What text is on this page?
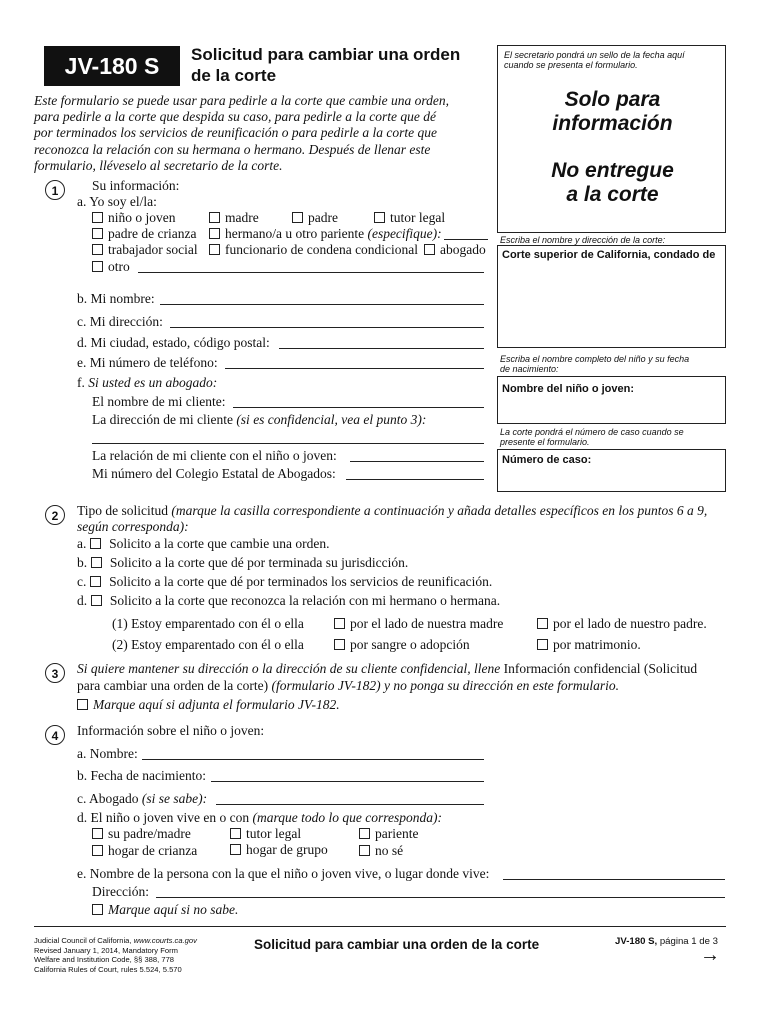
JV-180 S	Solicitud para cambiar una orden
de la corte
Este formulario se puede usar para pedirle a la corte que cambie una orden,
para pedirle a la corte que despida su caso, para pedirle a la corte que dé
por terminados los servicios de reunificación o para pedirle a la corte que
reconozca la relación con su hermana o hermano. Después de llenar este
formulario, lléveselo al secretario de la corte.
El secretario pondrá un sello de la fecha aquí
cuando se presenta el formulario.
Solo para
información
No entregue
a la corte
Escriba el nombre y dirección de la corte:
Corte superior de California, condado de
Escriba el nombre completo del niño y su fecha
de nacimiento:
Nombre del niño o joven:
La corte pondrá el número de caso cuando se
presente el formulario.
Número de caso:
1	Su información:
a. Yo soy el/la:
niño o joven	madre	padre	tutor legal
padre de crianza	hermano/a u otro pariente (especifique):
trabajador social	funcionario de condena condicional	abogado
otro
b. Mi nombre:
c. Mi dirección:
d. Mi ciudad, estado, código postal:
e. Mi número de teléfono:
f. Si usted es un abogado:
El nombre de mi cliente:
La dirección de mi cliente (si es confidencial, vea el punto 3):
La relación de mi cliente con el niño o joven:
Mi número del Colegio Estatal de Abogados:
2	Tipo de solicitud (marque la casilla correspondiente a continuación y añada detalles específicos en los puntos 6 a 9,
según corresponda):
a. Solicito a la corte que cambie una orden.
b. Solicito a la corte que dé por terminada su jurisdicción.
c. Solicito a la corte que dé por terminados los servicios de reunificación.
d. Solicito a la corte que reconozca la relación con mi hermano o hermana.
(1) Estoy emparentado con él o ella	por el lado de nuestra madre	por el lado de nuestro padre.
(2) Estoy emparentado con él o ella	por sangre o adopción	por matrimonio.
3	Si quiere mantener su dirección o la dirección de su cliente confidencial, llene Información confidencial (Solicitud
para cambiar una orden de la corte) (formulario JV-182) y no ponga su dirección en este formulario.
Marque aquí si adjunta el formulario JV-182.
4	Información sobre el niño o joven:
a. Nombre:
b. Fecha de nacimiento:
c. Abogado (si se sabe):
d. El niño o joven vive en o con (marque todo lo que corresponda):
su padre/madre	tutor legal	pariente
hogar de crianza	hogar de grupo	no sé
e. Nombre de la persona con la que el niño o joven vive, o lugar donde vive:
Dirección:
Marque aquí si no sabe.
Judicial Council of California, www.courts.ca.gov
Revised January 1, 2014, Mandatory Form
Welfare and Institution Code, §§ 388, 778
California Rules of Court, rules 5.524, 5.570
Solicitud para cambiar una orden de la corte	JV-180 S, página 1 de 3
→
